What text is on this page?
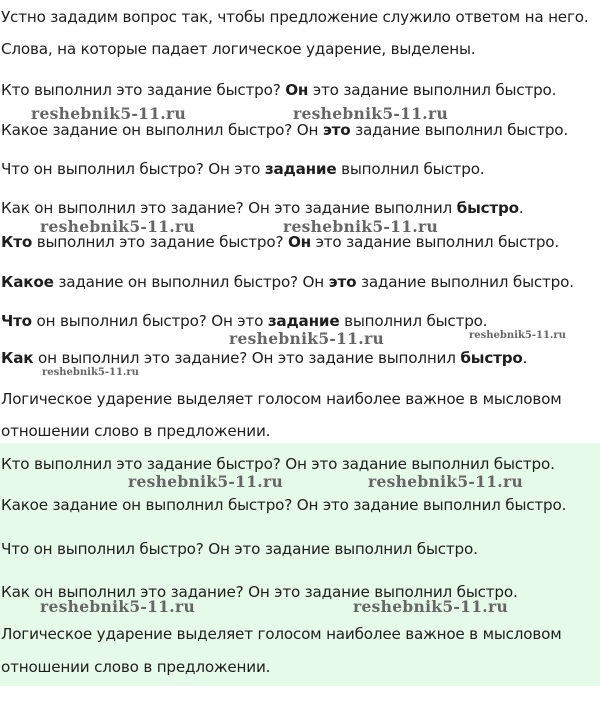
Устно зададим вопрос так, чтобы предложение служило ответом на него.
Слова, на которые падает логическое ударение, выделены.
Кто выполнил это задание быстро? Он это задание выполнил быстро.
Какое задание он выполнил быстро? Он это задание выполнил быстро.
Что он выполнил быстро? Он это задание выполнил быстро.
Как он выполнил это задание? Он это задание выполнил быстро.
Кто выполнил это задание быстро? Он это задание выполнил быстро.
Какое задание он выполнил быстро? Он это задание выполнил быстро.
Что он выполнил быстро? Он это задание выполнил быстро.
Как он выполнил это задание? Он это задание выполнил быстро.
Логическое ударение выделяет голосом наиболее важное в мысловом
отношении слово в предложении.
Кто выполнил это задание быстро? Он это задание выполнил быстро.
Какое задание он выполнил быстро? Он это задание выполнил быстро.
Что он выполнил быстро? Он это задание выполнил быстро.
Как он выполнил это задание? Он это задание выполнил быстро.
Логическое ударение выделяет голосом наиболее важное в мысловом
отношении слово в предложении.
reshebnik5-11.ru	reshebnik5-11.ru
reshebnik5-11.ru	reshebnik5-11.ru
reshebnik5-11.ru	reshebnik5-11.ru
reshebnik5-11.ru
reshebnik5-11.ru	reshebnik5-11.ru
reshebnik5-11.ru	reshebnik5-11.ru
